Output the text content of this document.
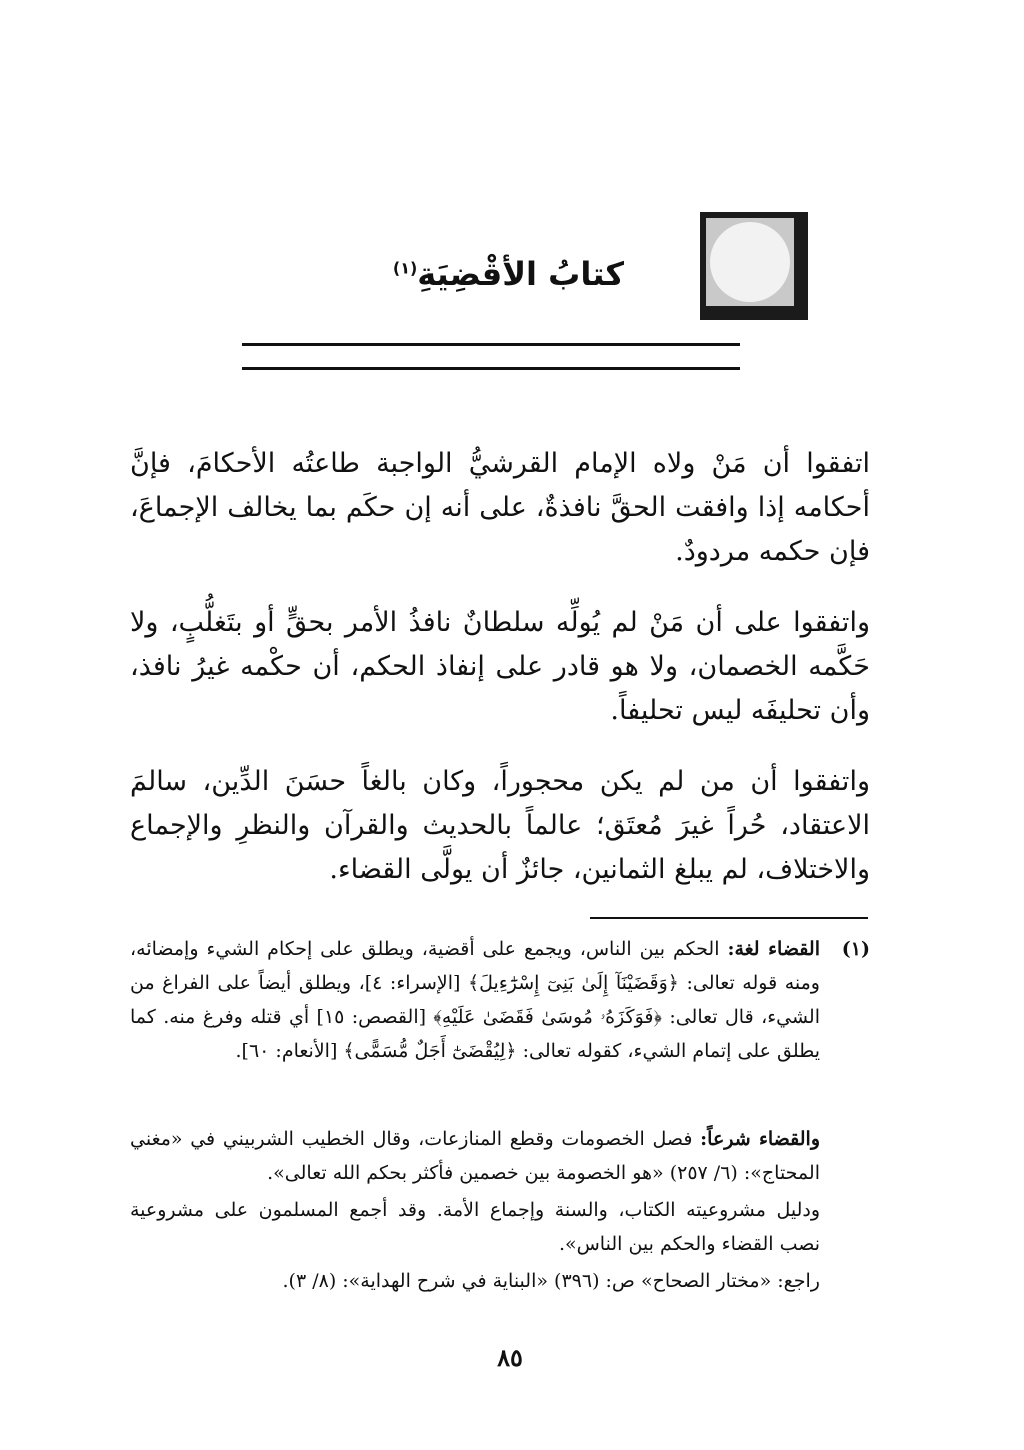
كتابُ الأقْضِيَةِ$^{(١)}$
اتفقوا أن مَنْ ولاه الإمام القرشيُّ الواجبة طاعتُه الأحكامَ، فإنَّ أحكامه إذا وافقت الحقَّ نافذةٌ، على أنه إن حكَم بما يخالف الإجماعَ، فإن حكمه مردودٌ.
واتفقوا على أن مَنْ لم يُولِّه سلطانٌ نافذُ الأمر بحقٍّ أو بتَغلُّبٍ، ولا حَكَّمه الخصمان، ولا هو قادر على إنفاذ الحكم، أن حكْمه غيرُ نافذ، وأن تحليفَه ليس تحليفاً.
واتفقوا أن من لم يكن محجوراً، وكان بالغاً حسَنَ الدِّين، سالمَ الاعتقاد، حُراً غيرَ مُعتَق؛ عالماً بالحديث والقرآن والنظرِ والإجماع والاختلاف، لم يبلغ الثمانين، جائزٌ أن يولَّى القضاء.
(١)
القضاء لغة: الحكم بين الناس، ويجمع على أقضية، ويطلق على إحكام الشيء وإمضائه، ومنه قوله تعالى: ﴿وَقَضَيْنَآ إِلَىٰ بَنِىٓ إِسْرَٰٓءِيلَ﴾ [الإسراء: ٤]، ويطلق أيضاً على الفراغ من الشيء، قال تعالى: ﴿فَوَكَزَهُۥ مُوسَىٰ فَقَضَىٰ عَلَيْهِ﴾ [القصص: ١٥] أي قتله وفرغ منه. كما يطلق على إتمام الشيء، كقوله تعالى: ﴿لِيُقْضَىٰٓ أَجَلٌ مُّسَمًّى﴾ [الأنعام: ٦٠].
والقضاء شرعاً: فصل الخصومات وقطع المنازعات، وقال الخطيب الشربيني في «مغني المحتاج»: (٦/ ٢٥٧) «هو الخصومة بين خصمين فأكثر بحكم الله تعالى».
ودليل مشروعيته الكتاب، والسنة وإجماع الأمة. وقد أجمع المسلمون على مشروعية نصب القضاء والحكم بين الناس».
راجع: «مختار الصحاح» ص: (٣٩٦) «البناية في شرح الهداية»: (٨/ ٣).
٨٥
